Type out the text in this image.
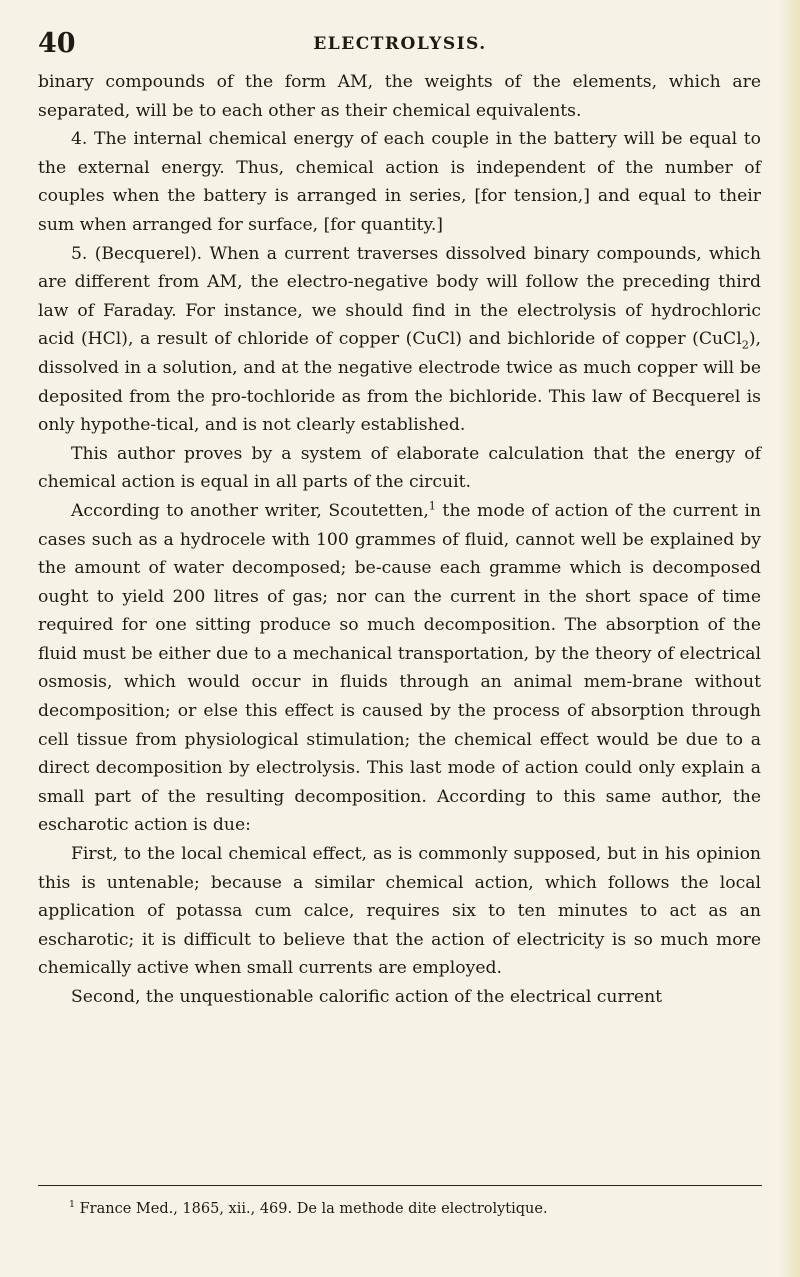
40	ELECTROLYSIS.

binary compounds of the form AM, the weights of the elements, which are separated, will be to each other as their chemical equivalents.

4. The internal chemical energy of each couple in the battery will be equal to the external energy. Thus, chemical action is independent of the number of couples when the battery is arranged in series, [for tension,] and equal to their sum when arranged for surface, [for quantity.]

5. (Becquerel). When a current traverses dissolved binary compounds, which are different from AM, the electro-negative body will follow the preceding third law of Faraday. For instance, we should find in the electrolysis of hydrochloric acid (HCl), a result of chloride of copper (CuCl) and bichloride of copper (CuCl$_2$), dissolved in a solution, and at the negative electrode twice as much copper will be deposited from the pro-tochloride as from the bichloride. This law of Becquerel is only hypothe-tical, and is not clearly established.

This author proves by a system of elaborate calculation that the energy of chemical action is equal in all parts of the circuit.

According to another writer, Scoutetten,$^1$ the mode of action of the current in cases such as a hydrocele with 100 grammes of fluid, cannot well be explained by the amount of water decomposed; be-cause each gramme which is decomposed ought to yield 200 litres of gas; nor can the current in the short space of time required for one sitting produce so much decomposition. The absorption of the fluid must be either due to a mechanical transportation, by the theory of electrical osmosis, which would occur in fluids through an animal mem-brane without decomposition; or else this effect is caused by the process of absorption through cell tissue from physiological stimulation; the chemical effect would be due to a direct decomposition by electrolysis. This last mode of action could only explain a small part of the resulting decomposition. According to this same author, the escharotic action is due:

First, to the local chemical effect, as is commonly supposed, but in his opinion this is untenable; because a similar chemical action, which follows the local application of potassa cum calce, requires six to ten minutes to act as an escharotic; it is difficult to believe that the action of electricity is so much more chemically active when small currents are employed.

Second, the unquestionable calorific action of the electrical current

$^1$ France Med., 1865, xii., 469. De la methode dite electrolytique.
